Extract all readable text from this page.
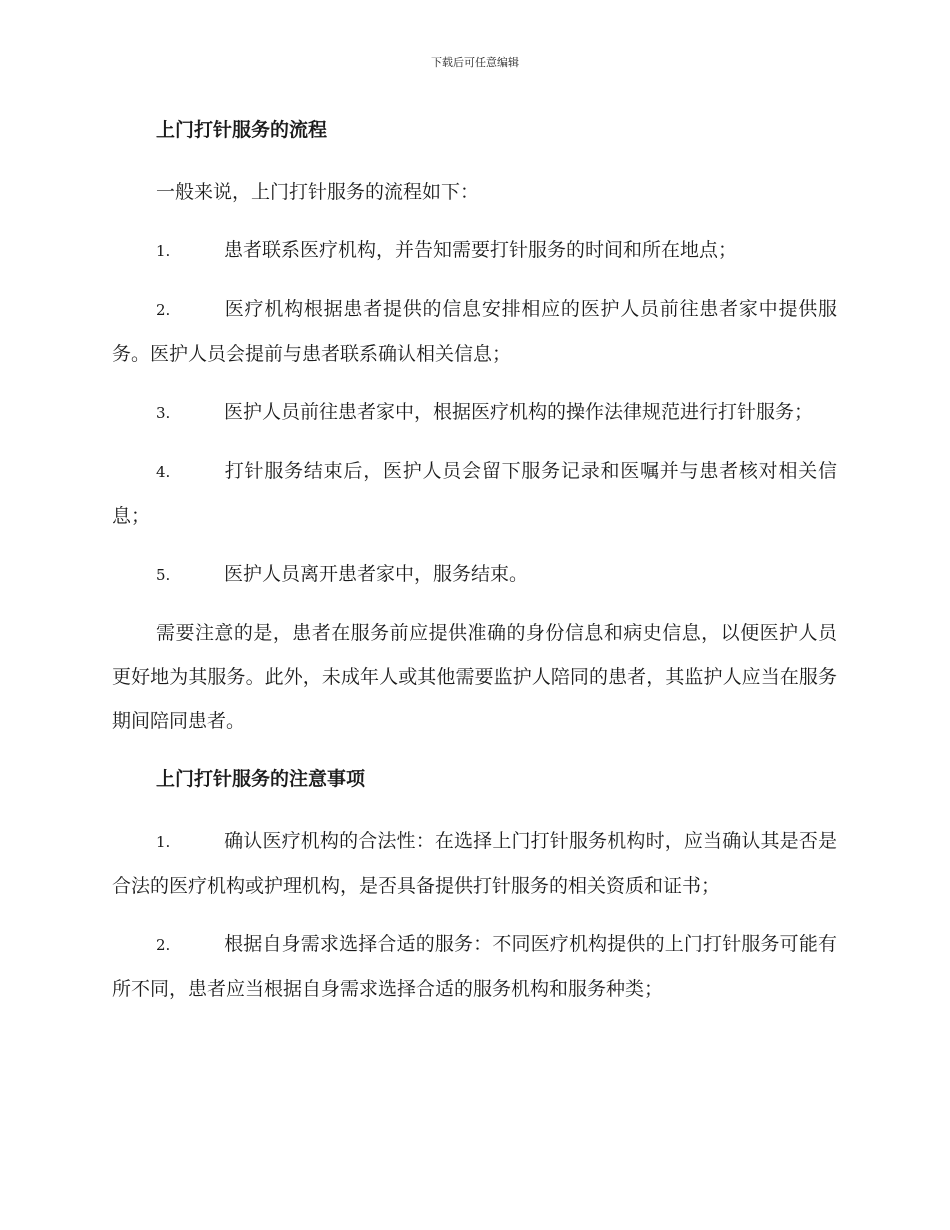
下载后可任意编辑
上门打针服务的流程
一般来说，上门打针服务的流程如下：
1.	患者联系医疗机构，并告知需要打针服务的时间和所在地点；
2.	医疗机构根据患者提供的信息安排相应的医护人员前往患者家中提供服务。医护人员会提前与患者联系确认相关信息；
3.	医护人员前往患者家中，根据医疗机构的操作法律规范进行打针服务；
4.	打针服务结束后，医护人员会留下服务记录和医嘱并与患者核对相关信息；
5.	医护人员离开患者家中，服务结束。
需要注意的是，患者在服务前应提供准确的身份信息和病史信息，以便医护人员更好地为其服务。此外，未成年人或其他需要监护人陪同的患者，其监护人应当在服务期间陪同患者。
上门打针服务的注意事项
1.	确认医疗机构的合法性：在选择上门打针服务机构时，应当确认其是否是合法的医疗机构或护理机构，是否具备提供打针服务的相关资质和证书；
2.	根据自身需求选择合适的服务：不同医疗机构提供的上门打针服务可能有所不同，患者应当根据自身需求选择合适的服务机构和服务种类；
